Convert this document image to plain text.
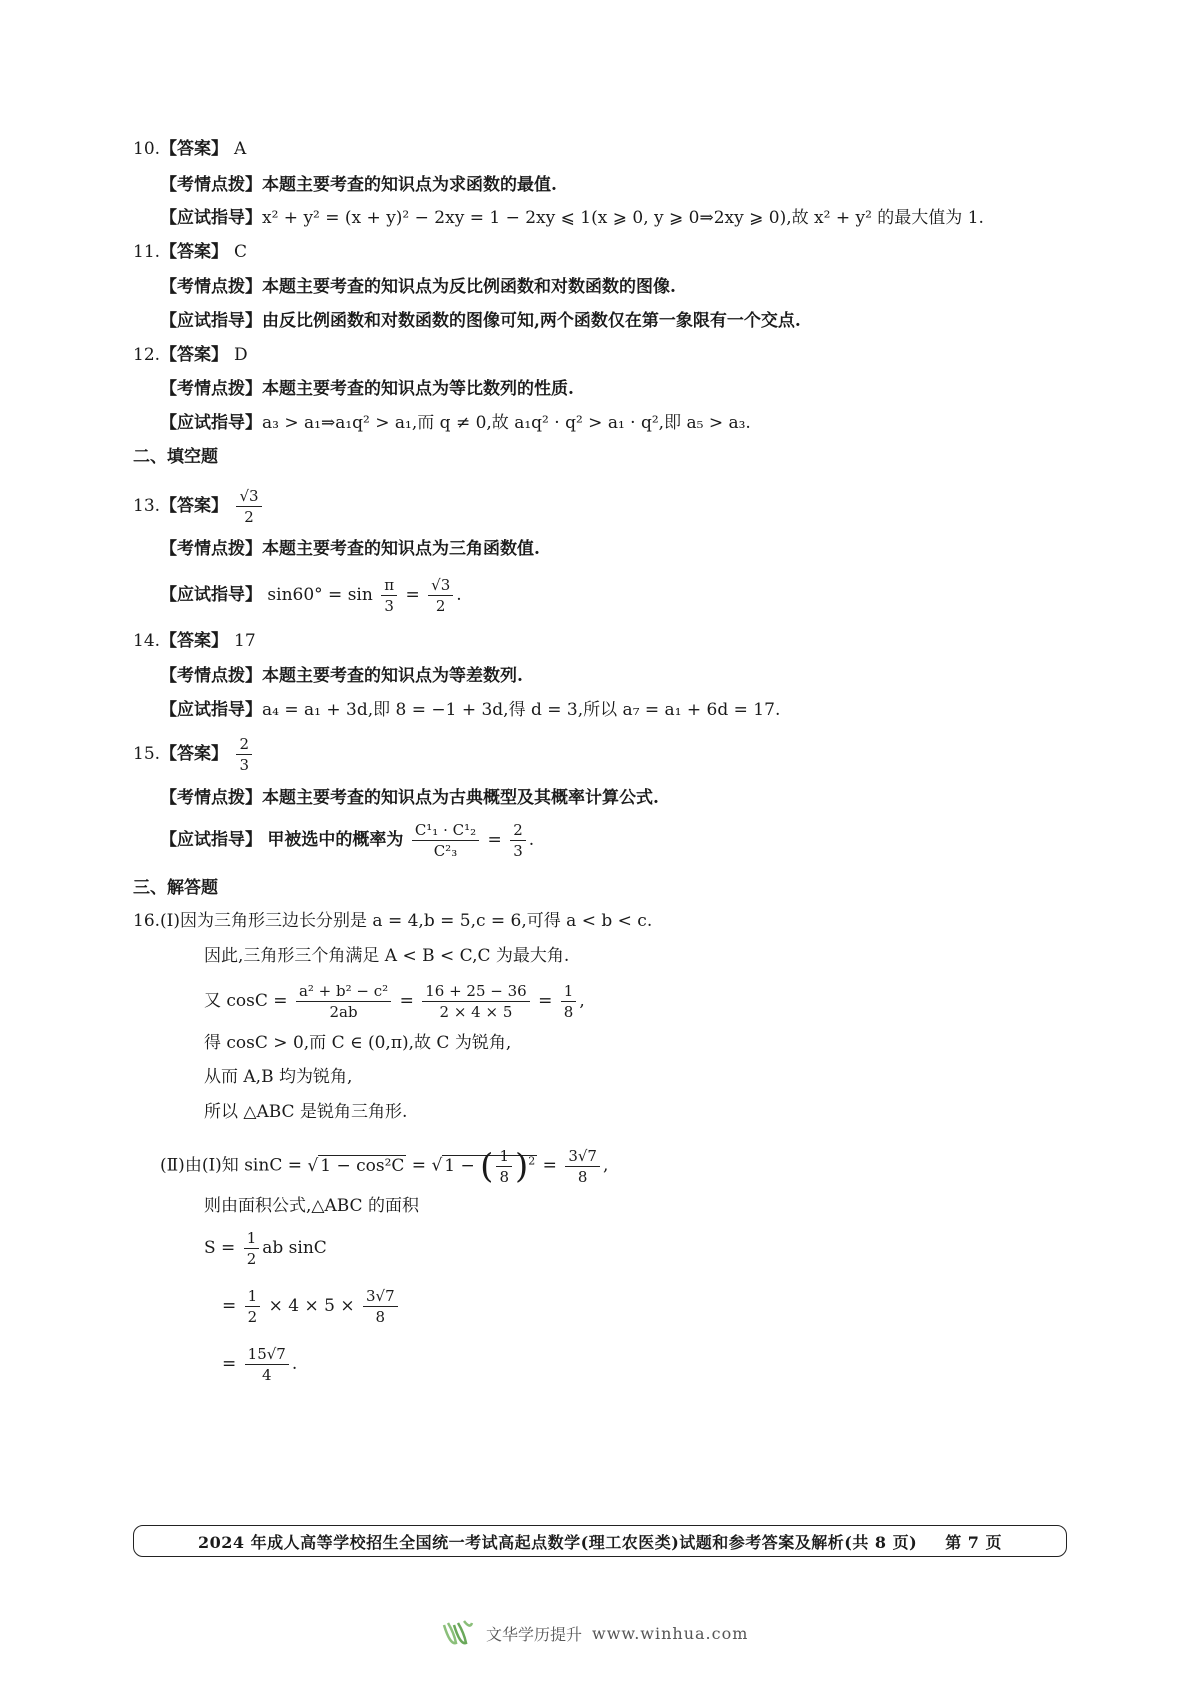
10.【答案】 A
【考情点拨】本题主要考查的知识点为求函数的最值.
【应试指导】x² + y² = (x + y)² − 2xy = 1 − 2xy ⩽ 1(x ⩾ 0, y ⩾ 0⇒2xy ⩾ 0),故 x² + y² 的最大值为 1.
11.【答案】 C
【考情点拨】本题主要考查的知识点为反比例函数和对数函数的图像.
【应试指导】由反比例函数和对数函数的图像可知,两个函数仅在第一象限有一个交点.
12.【答案】 D
【考情点拨】本题主要考查的知识点为等比数列的性质.
【应试指导】a₃ > a₁⇒a₁q² > a₁,而 q ≠ 0,故 a₁q² · q² > a₁ · q²,即 a₅ > a₃.
二、填空题
13.【答案】 $\frac{√3}{2}$
【考情点拨】本题主要考查的知识点为三角函数值.
【应试指导】 $\sin 60^\circ = \sin \frac{\pi}{3} = \frac{√3}{2}$ .
14.【答案】 17
【考情点拨】本题主要考查的知识点为等差数列.
【应试指导】a₄ = a₁ + 3d,即 8 = −1 + 3d,得 d = 3,所以 a₇ = a₁ + 6d = 17.
15.【答案】 $\frac{2}{3}$
【考情点拨】本题主要考查的知识点为古典概型及其概率计算公式.
【应试指导】 甲被选中的概率为 $\frac{\text{C¹₁ · C¹₂}}{\text{C²₃}} = \frac{2}{3}$ .
三、解答题
16.(Ⅰ)因为三角形三边长分别是 a = 4,b = 5,c = 6,可得 a < b < c.
因此,三角形三个角满足 A < B < C,C 为最大角.
又 $\cos C = \frac{\text{a² + b² − c²}}{2ab} = \frac{16 + 25 - 36}{2 \times 4 \times 5} = \frac{1}{8}$ ,
得 cosC > 0,而 C ∈ (0,π),故 C 为锐角,
从而 A,B 均为锐角,
所以 △ABC 是锐角三角形.
(Ⅱ)由(Ⅰ)知 sinC = √ 1 − cos²C = √ 1 − ( $\frac{1}{8} )^2 = \frac{3√7}{8}$ ,
则由面积公式,△ABC 的面积
$S = \frac{1}{2}$ ab sinC
= $\frac{1}{2} \times 4 \times 5 \times \frac{3√7}{8}$
= $\frac{15√7}{4}$ .
2024 年成人高等学校招生全国统一考试高起点数学(理工农医类)试题和参考答案及解析(共 8 页) 第 7 页
文华学历提升 www.winhua.com
